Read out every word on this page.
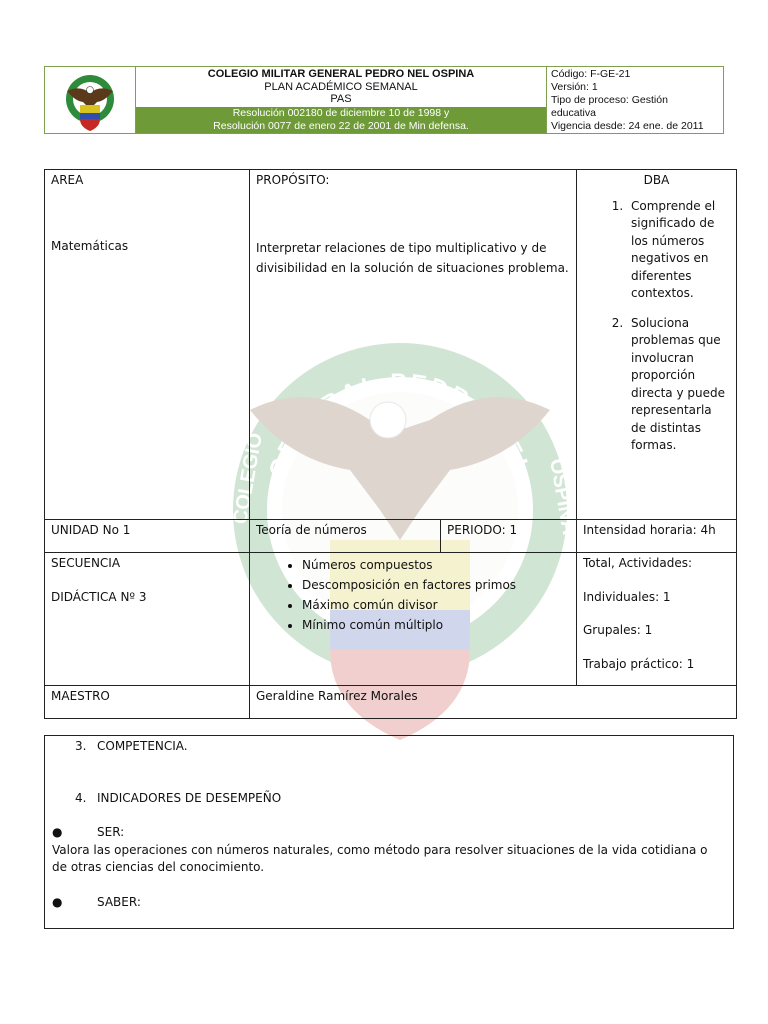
GENERAL PEDRO NEL
COLEGIO	OSPINA
COLEGIO MILITAR GENERAL PEDRO NEL OSPINA
PLAN ACADÉMICO SEMANAL
PAS
Resolución 002180 de diciembre 10 de 1998 y
Resolución 0077 de enero 22 de 2001 de Min defensa.
Código: F-GE-21
Versión: 1
Tipo de proceso: Gestión
educativa
Vigencia desde: 24 ene. de 2011
AREA
Matemáticas
PROPÓSITO:
Interpretar relaciones de tipo multiplicativo y de divisibilidad en la solución de situaciones problema.
DBA
1. Comprende el significado de los números negativos en diferentes contextos.
2. Soluciona problemas que involucran proporción directa y puede representarla de distintas formas.
UNIDAD No 1	Teoría de números	PERIODO: 1	Intensidad horaria: 4h
SECUENCIA
DIDÁCTICA Nº 3
• Números compuestos
• Descomposición en factores primos
• Máximo común divisor
• Mínimo común múltiplo
Total, Actividades:
Individuales: 1
Grupales: 1
Trabajo práctico: 1
MAESTRO	Geraldine Ramírez Morales
3. COMPETENCIA.
4. INDICADORES DE DESEMPEÑO
●	SER:
Valora las operaciones con números naturales, como método para resolver situaciones de la vida cotidiana o de otras ciencias del conocimiento.
●	SABER:
